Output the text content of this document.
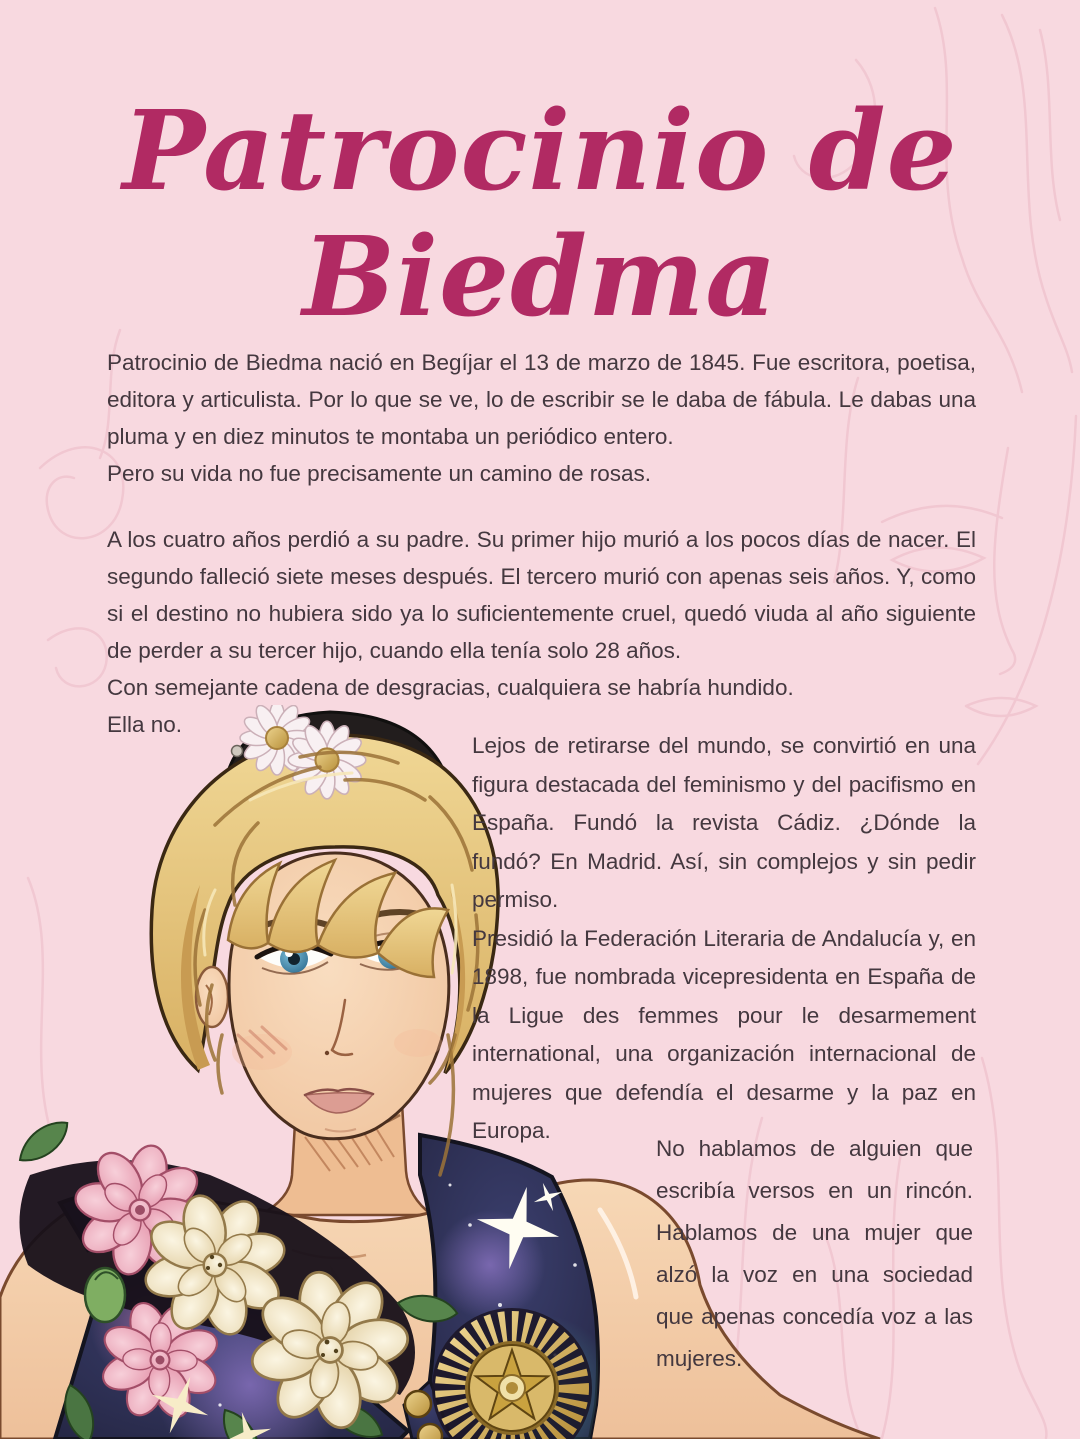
Patrocinio de
Biedma

Patrocinio de Biedma nació en Begíjar el 13 de marzo de 1845. Fue escritora, poetisa, editora y articulista. Por lo que se ve, lo de escribir se le daba de fábula. Le dabas una pluma y en diez minutos te montaba un periódico entero.

Pero su vida no fue precisamente un camino de rosas.

A los cuatro años perdió a su padre. Su primer hijo murió a los pocos días de nacer. El segundo falleció siete meses después. El tercero murió con apenas seis años. Y, como si el destino no hubiera sido ya lo suficientemente cruel, quedó viuda al año siguiente de perder a su tercer hijo, cuando ella tenía solo 28 años.

Con semejante cadena de desgracias, cualquiera se habría hundido.

Ella no.

Lejos de retirarse del mundo, se convirtió en una figura destacada del feminismo y del pacifismo en España. Fundó la revista Cádiz. ¿Dónde la fundó? En Madrid. Así, sin complejos y sin pedir permiso.

Presidió la Federación Literaria de Andalucía y, en 1898, fue nombrada vicepresidenta en España de la Ligue des femmes pour le desarmement international, una organización internacional de mujeres que defendía el desarme y la paz en Europa.

No hablamos de alguien que escribía versos en un rincón. Hablamos de una mujer que alzó la voz en una sociedad que apenas concedía voz a las mujeres.
